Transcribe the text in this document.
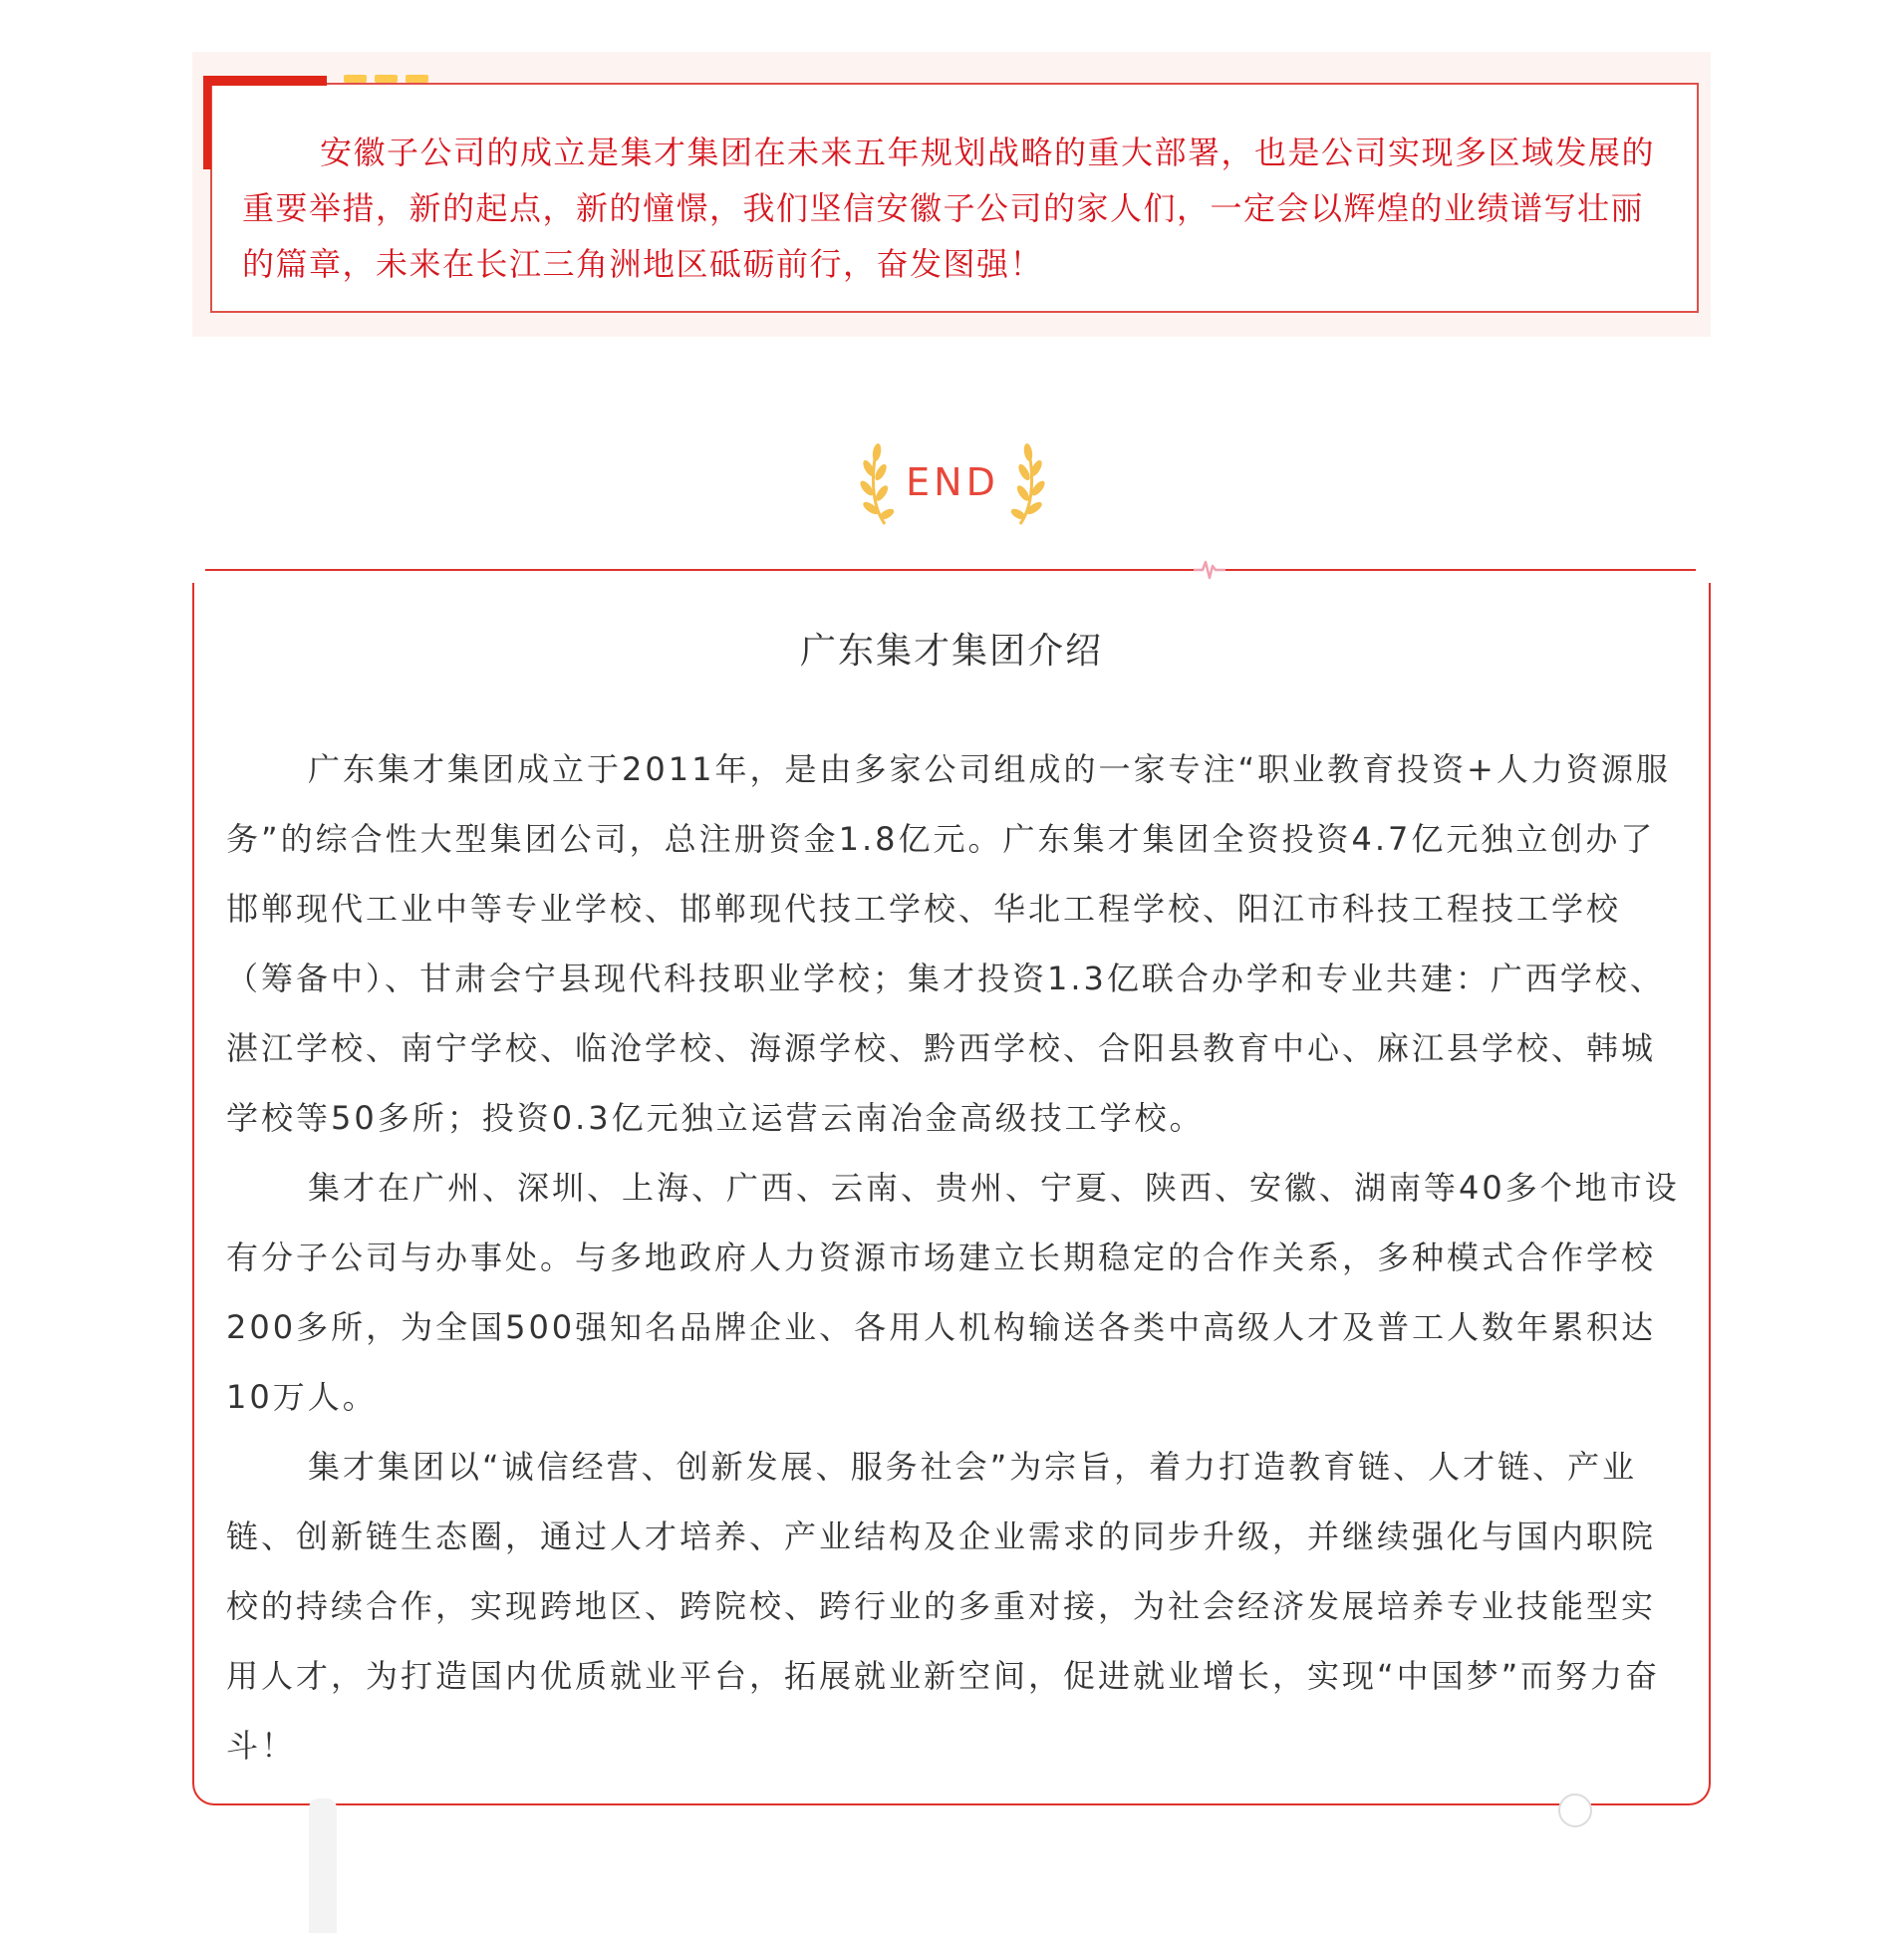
安徽子公司的成立是集才集团在未来五年规划战略的重大部署，也是公司实现多区域发展的重要举措，新的起点，新的憧憬，我们坚信安徽子公司的家人们，一定会以辉煌的业绩谱写壮丽的篇章，未来在长江三角洲地区砥砺前行，奋发图强！

END
广东集才集团介绍

广东集才集团成立于2011年，是由多家公司组成的一家专注“职业教育投资+人力资源服务”的综合性大型集团公司，总注册资金1.8亿元。广东集才集团全资投资4.7亿元独立创办了邯郸现代工业中等专业学校、邯郸现代技工学校、华北工程学校、阳江市科技工程技工学校（筹备中）、甘肃会宁县现代科技职业学校；集才投资1.3亿联合办学和专业共建：广西学校、湛江学校、南宁学校、临沧学校、海源学校、黔西学校、合阳县教育中心、麻江县学校、韩城学校等50多所；投资0.3亿元独立运营云南冶金高级技工学校。

集才在广州、深圳、上海、广西、云南、贵州、宁夏、陕西、安徽、湖南等40多个地市设有分子公司与办事处。与多地政府人力资源市场建立长期稳定的合作关系，多种模式合作学校200多所，为全国500强知名品牌企业、各用人机构输送各类中高级人才及普工人数年累积达10万人。

集才集团以“诚信经营、创新发展、服务社会”为宗旨，着力打造教育链、人才链、产业链、创新链生态圈，通过人才培养、产业结构及企业需求的同步升级，并继续强化与国内职院校的持续合作，实现跨地区、跨院校、跨行业的多重对接，为社会经济发展培养专业技能型实用人才，为打造国内优质就业平台，拓展就业新空间，促进就业增长，实现“中国梦”而努力奋斗！
